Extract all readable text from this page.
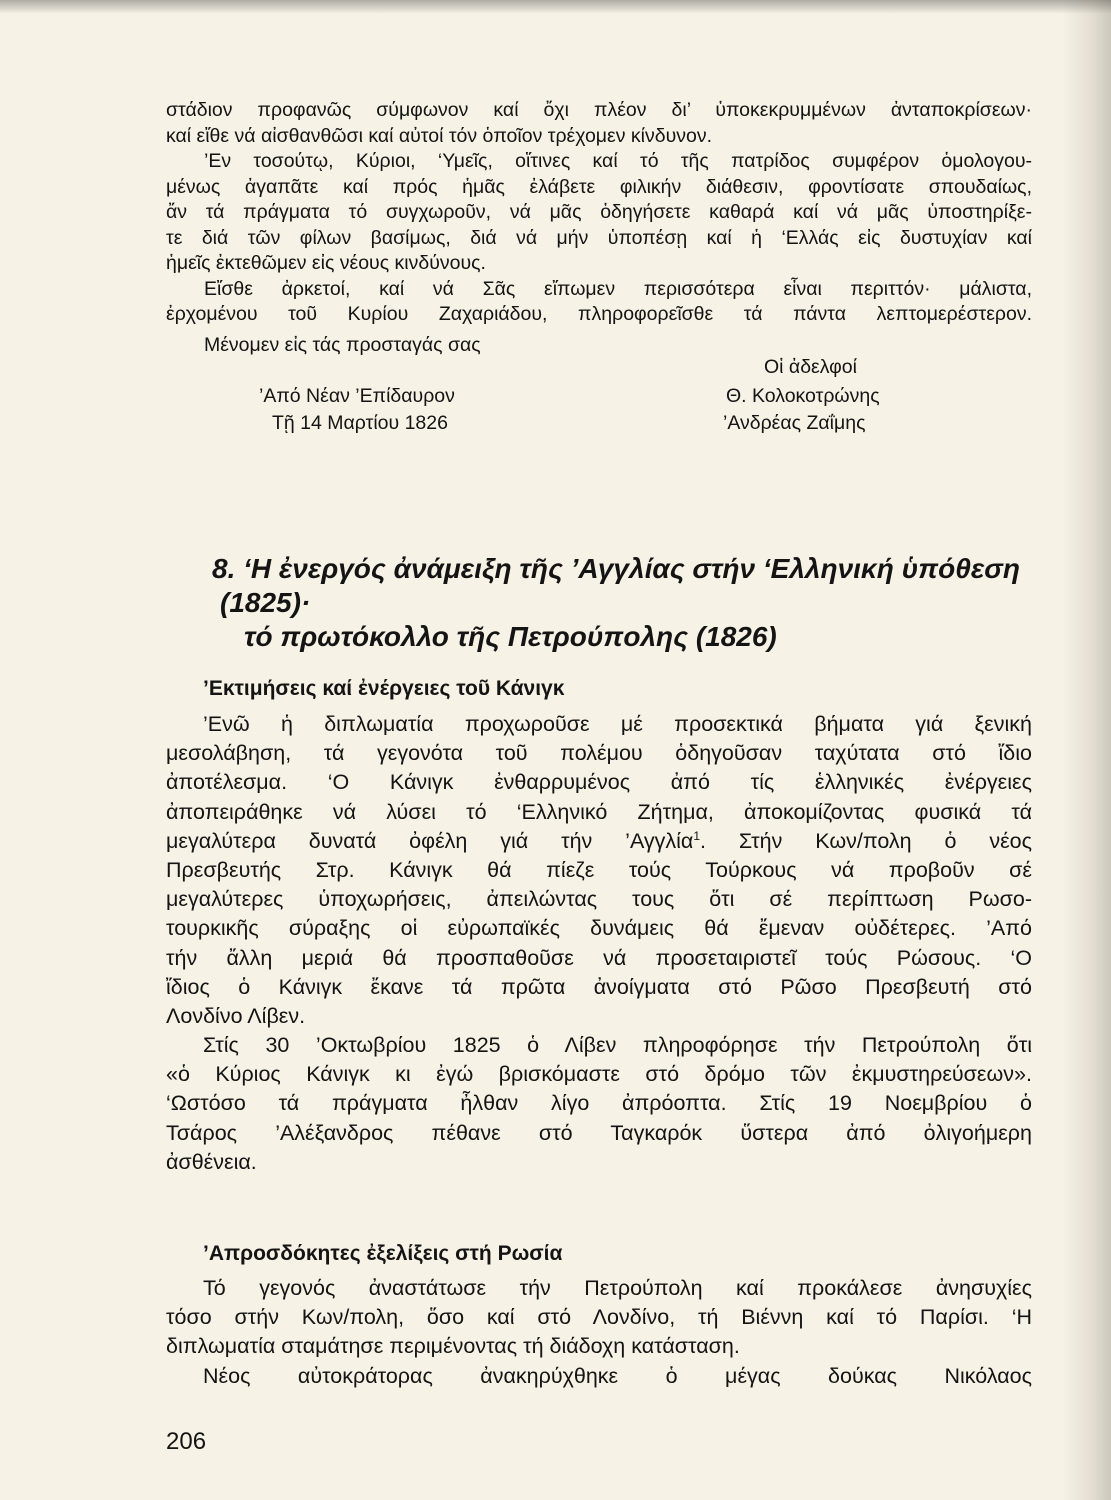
στάδιον προφανῶς σύμφωνον καί ὄχι πλέον δι’ ὑποκεκρυμμένων ἀνταποκρίσεων·

καί εἴθε νά αἰσθανθῶσι καί αὐτοί τόν ὁποῖον τρέχομεν κίνδυνον.

’Εν τοσούτῳ, Κύριοι, ‘Υμεῖς, οἵτινες καί τό τῆς πατρίδος συμφέρον ὁμολογου-

μένως ἀγαπᾶτε καί πρός ἡμᾶς ἐλάβετε φιλικήν διάθεσιν, φροντίσατε σπουδαίως,

ἄν τά πράγματα τό συγχωροῦν, νά μᾶς ὁδηγήσετε καθαρά καί νά μᾶς ὑποστηρίξε-

τε διά τῶν φίλων βασίμως, διά νά μήν ὑποπέσῃ καί ἡ ‘Ελλάς εἰς δυστυχίαν καί

ἡμεῖς ἐκτεθῶμεν εἰς νέους κινδύνους.

Εἴσθε ἀρκετοί, καί νά Σᾶς εἴπωμεν περισσότερα εἶναι περιττόν· μάλιστα,

ἐρχομένου τοῦ Κυρίου Ζαχαριάδου, πληροφορεῖσθε τά πάντα λεπτομερέστερον.

Μένομεν εἰς τάς προσταγάς σας
Οἱ ἀδελφοί
’Από Νέαν ’Επίδαυρον	Θ. Κολοκοτρώνης
Τῇ 14 Μαρτίου 1826	’Ανδρέας Ζαΐμης
8. ‘Η ἐνεργός ἀνάμειξη τῆς ’Αγγλίας στήν ‘Ελληνική ὑπόθεση
(1825)·
τό πρωτόκολλο τῆς Πετρούπολης (1826)
’Εκτιμήσεις καί ἐνέργειες τοῦ Κάνιγκ

’Ενῶ ἡ διπλωματία προχωροῦσε μέ προσεκτικά βήματα γιά ξενική

μεσολάβηση, τά γεγονότα τοῦ πολέμου ὁδηγοῦσαν ταχύτατα στό ἴδιο

ἀποτέλεσμα. ‘Ο Κάνιγκ ἐνθαρρυμένος ἀπό τίς ἑλληνικές ἐνέργειες

ἀποπειράθηκε νά λύσει τό ‘Ελληνικό Ζήτημα, ἀποκομίζοντας φυσικά τά

μεγαλύτερα δυνατά ὀφέλη γιά τήν ’Αγγλία$^1$. Στήν Κων/πολη ὁ νέος

Πρεσβευτής Στρ. Κάνιγκ θά πίεζε τούς Τούρκους νά προβοῦν σέ

μεγαλύτερες ὑποχωρήσεις, ἀπειλώντας τους ὅτι σέ περίπτωση Ρωσο-

τουρκικῆς σύραξης οἱ εὐρωπαϊκές δυνάμεις θά ἔμεναν οὐδέτερες. ’Από

τήν ἄλλη μεριά θά προσπαθοῦσε νά προσεταιριστεῖ τούς Ρώσους. ‘Ο

ἴδιος ὁ Κάνιγκ ἔκανε τά πρῶτα ἀνοίγματα στό Ρῶσο Πρεσβευτή στό

Λονδίνο Λίβεν.

Στίς 30 ’Οκτωβρίου 1825 ὁ Λίβεν πληροφόρησε τήν Πετρούπολη ὅτι

«ὁ Κύριος Κάνιγκ κι ἐγώ βρισκόμαστε στό δρόμο τῶν ἐκμυστηρεύσεων».

‘Ωστόσο τά πράγματα ἦλθαν λίγο ἀπρόοπτα. Στίς 19 Νοεμβρίου ὁ

Τσάρος ’Αλέξανδρος πέθανε στό Ταγκαρόκ ὕστερα ἀπό ὀλιγοήμερη

ἀσθένεια.

’Απροσδόκητες ἐξελίξεις στή Ρωσία

Τό γεγονός ἀναστάτωσε τήν Πετρούπολη καί προκάλεσε ἀνησυχίες

τόσο στήν Κων/πολη, ὅσο καί στό Λονδίνο, τή Βιέννη καί τό Παρίσι. ‘Η

διπλωματία σταμάτησε περιμένοντας τή διάδοχη κατάσταση.

Νέος αὐτοκράτορας ἀνακηρύχθηκε ὁ μέγας δούκας Νικόλαος

206
